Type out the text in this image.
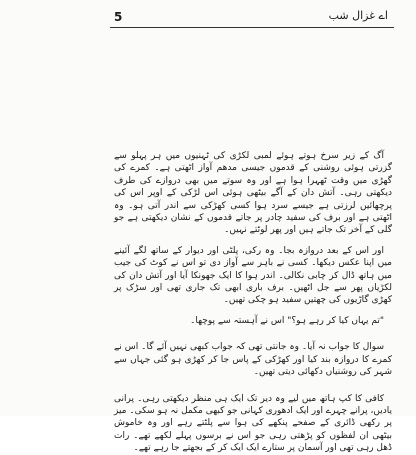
5	اے غزال شب

آگ کے زیر سرخ ہوتے ہوئے لمبی لکڑی کی ٹہنیوں میں ہر پہلو سے گزرتی ہوئی روشنی کے قدموں جیسی مدھم آواز اٹھتی ہے۔ کمرے کی گھڑی میں وقت ٹھہرا ہوا ہے اور وہ سوتے میں بھی دروازے کی طرف دیکھتی رہی۔ آتش دان کے آگے بیٹھی ہوئی اس لڑکی کے اوپر اس کی پرچھائیں لرزتی ہے جیسے سرد ہوا کسی کھڑکی سے اندر آتی ہو۔ وہ اٹھتی ہے اور برف کی سفید چادر پر جاتے قدموں کے نشان دیکھتی ہے جو گلی کے آخر تک جاتے ہیں اور پھر لوٹتے نہیں۔

اور اس کے بعد دروازہ بجا۔ وہ رکی، پلٹی اور دیوار کے ساتھ لگے آئینے میں اپنا عکس دیکھا۔ کسی نے باہر سے آواز دی تو اس نے کوٹ کی جیب میں ہاتھ ڈال کر چابی نکالی۔ اندر ہوا کا ایک جھونکا آیا اور آتش دان کی لکڑیاں پھر سے جل اٹھیں۔ برف باری ابھی تک جاری تھی اور سڑک پر کھڑی گاڑیوں کی چھتیں سفید ہو چکی تھیں۔

"تم یہاں کیا کر رہے ہو؟" اس نے آہستہ سے پوچھا۔

سوال کا جواب نہ آیا۔ وہ جانتی تھی کہ جواب کبھی نہیں آئے گا۔ اس نے کمرے کا دروازہ بند کیا اور کھڑکی کے پاس جا کر کھڑی ہو گئی جہاں سے شہر کی روشنیاں دکھائی دیتی تھیں۔

کافی کا کپ ہاتھ میں لیے وہ دیر تک ایک ہی منظر دیکھتی رہی۔ پرانی یادیں، پرانے چہرے اور ایک ادھوری کہانی جو کبھی مکمل نہ ہو سکی۔ میز پر رکھی ڈائری کے صفحے پنکھے کی ہوا سے پلٹتے رہے اور وہ خاموش بیٹھی ان لفظوں کو پڑھتی رہی جو اس نے برسوں پہلے لکھے تھے۔ رات ڈھل رہی تھی اور آسمان پر ستارے ایک ایک کر کے بجھتے جا رہے تھے۔
